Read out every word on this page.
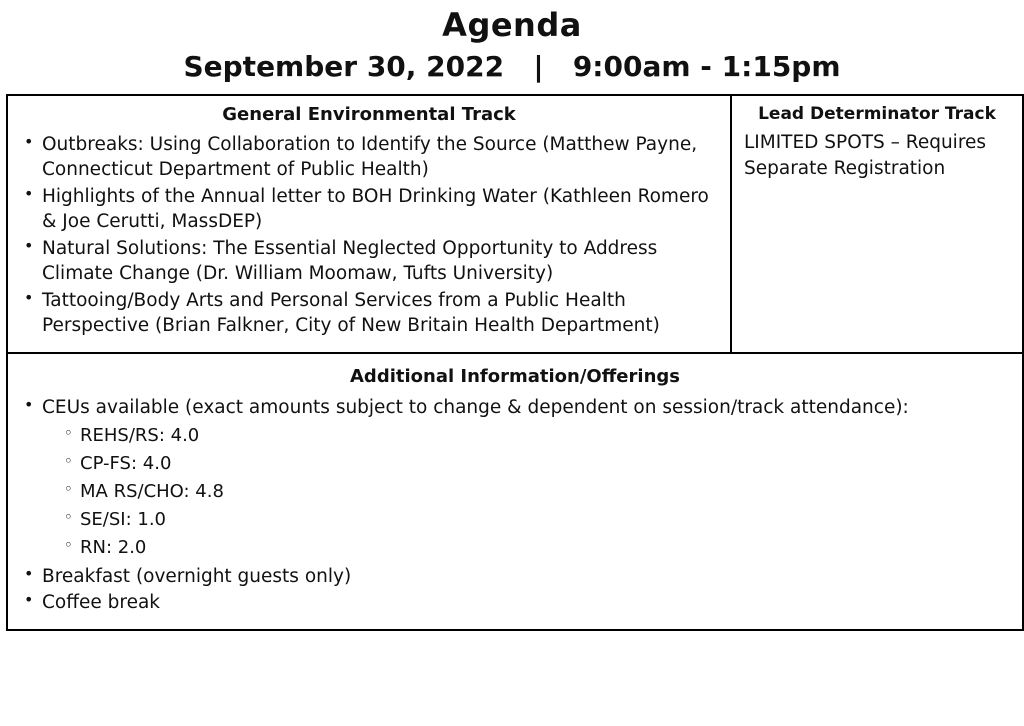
Agenda
September 30, 2022   |   9:00am - 1:15pm
General Environmental Track
• Outbreaks: Using Collaboration to Identify the Source (Matthew Payne, Connecticut Department of Public Health)
• Highlights of the Annual letter to BOH Drinking Water (Kathleen Romero & Joe Cerutti, MassDEP)
• Natural Solutions: The Essential Neglected Opportunity to Address Climate Change (Dr. William Moomaw, Tufts University)
• Tattooing/Body Arts and Personal Services from a Public Health Perspective (Brian Falkner, City of New Britain Health Department)

Lead Determinator Track
LIMITED SPOTS – Requires Separate Registration

Additional Information/Offerings
• CEUs available (exact amounts subject to change & dependent on session/track attendance):
◦ REHS/RS: 4.0
◦ CP-FS: 4.0
◦ MA RS/CHO: 4.8
◦ SE/SI: 1.0
◦ RN: 2.0
• Breakfast (overnight guests only)
• Coffee break
